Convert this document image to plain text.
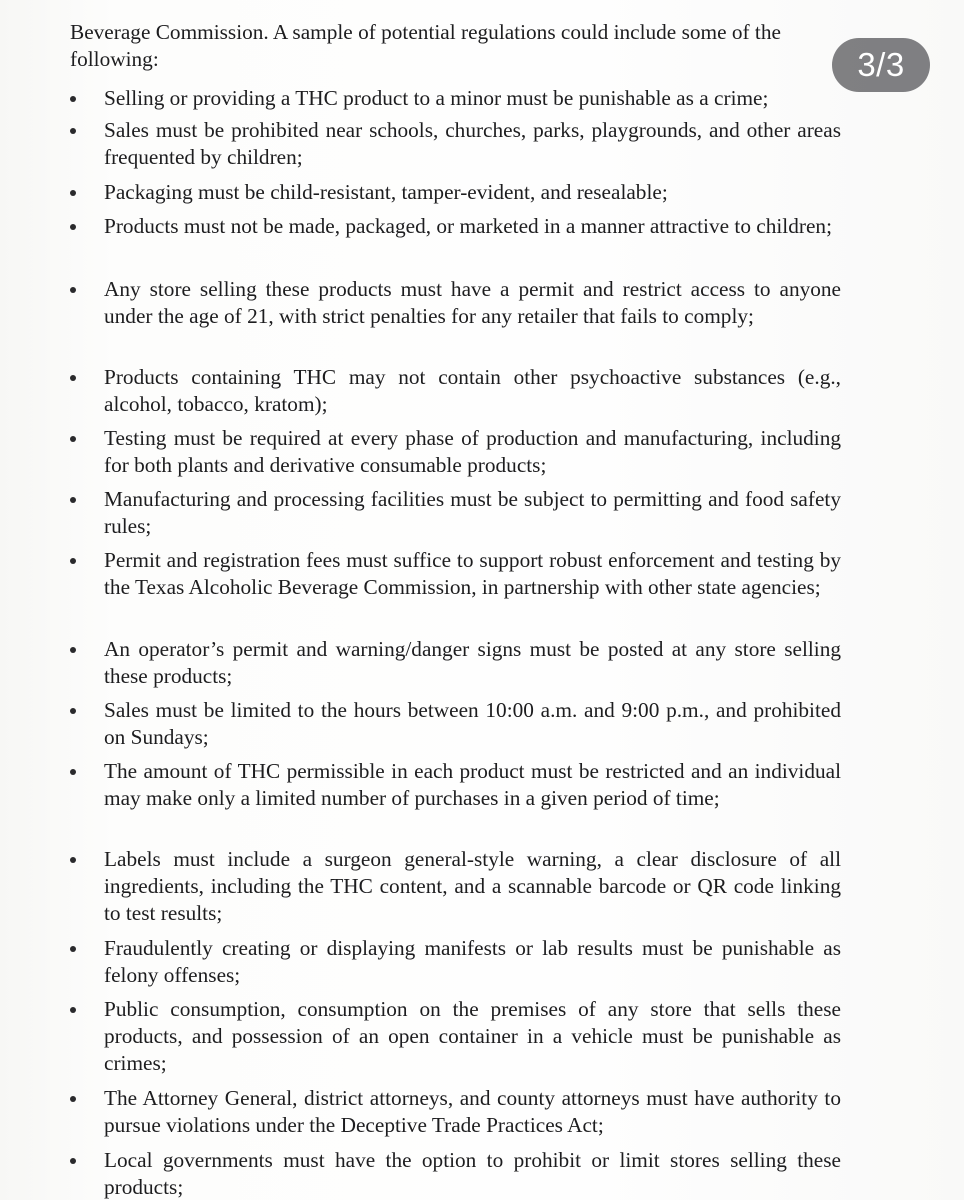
Beverage Commission. A sample of potential regulations could include some of the following:

Selling or providing a THC product to a minor must be punishable as a crime;
Sales must be prohibited near schools, churches, parks, playgrounds, and other areas frequented by children;
Packaging must be child-resistant, tamper-evident, and resealable;
Products must not be made, packaged, or marketed in a manner attractive to children;
Any store selling these products must have a permit and restrict access to anyone under the age of 21, with strict penalties for any retailer that fails to comply;
Products containing THC may not contain other psychoactive substances (e.g., alcohol, tobacco, kratom);
Testing must be required at every phase of production and manufacturing, including for both plants and derivative consumable products;
Manufacturing and processing facilities must be subject to permitting and food safety rules;
Permit and registration fees must suffice to support robust enforcement and testing by the Texas Alcoholic Beverage Commission, in partnership with other state agencies;
An operator’s permit and warning/danger signs must be posted at any store selling these products;
Sales must be limited to the hours between 10:00 a.m. and 9:00 p.m., and prohibited on Sundays;
The amount of THC permissible in each product must be restricted and an individual may make only a limited number of purchases in a given period of time;
Labels must include a surgeon general-style warning, a clear disclosure of all ingredients, including the THC content, and a scannable barcode or QR code linking to test results;
Fraudulently creating or displaying manifests or lab results must be punishable as felony offenses;
Public consumption, consumption on the premises of any store that sells these products, and possession of an open container in a vehicle must be punishable as crimes;
The Attorney General, district attorneys, and county attorneys must have authority to pursue violations under the Deceptive Trade Practices Act;
Local governments must have the option to prohibit or limit stores selling these products;
3/3
